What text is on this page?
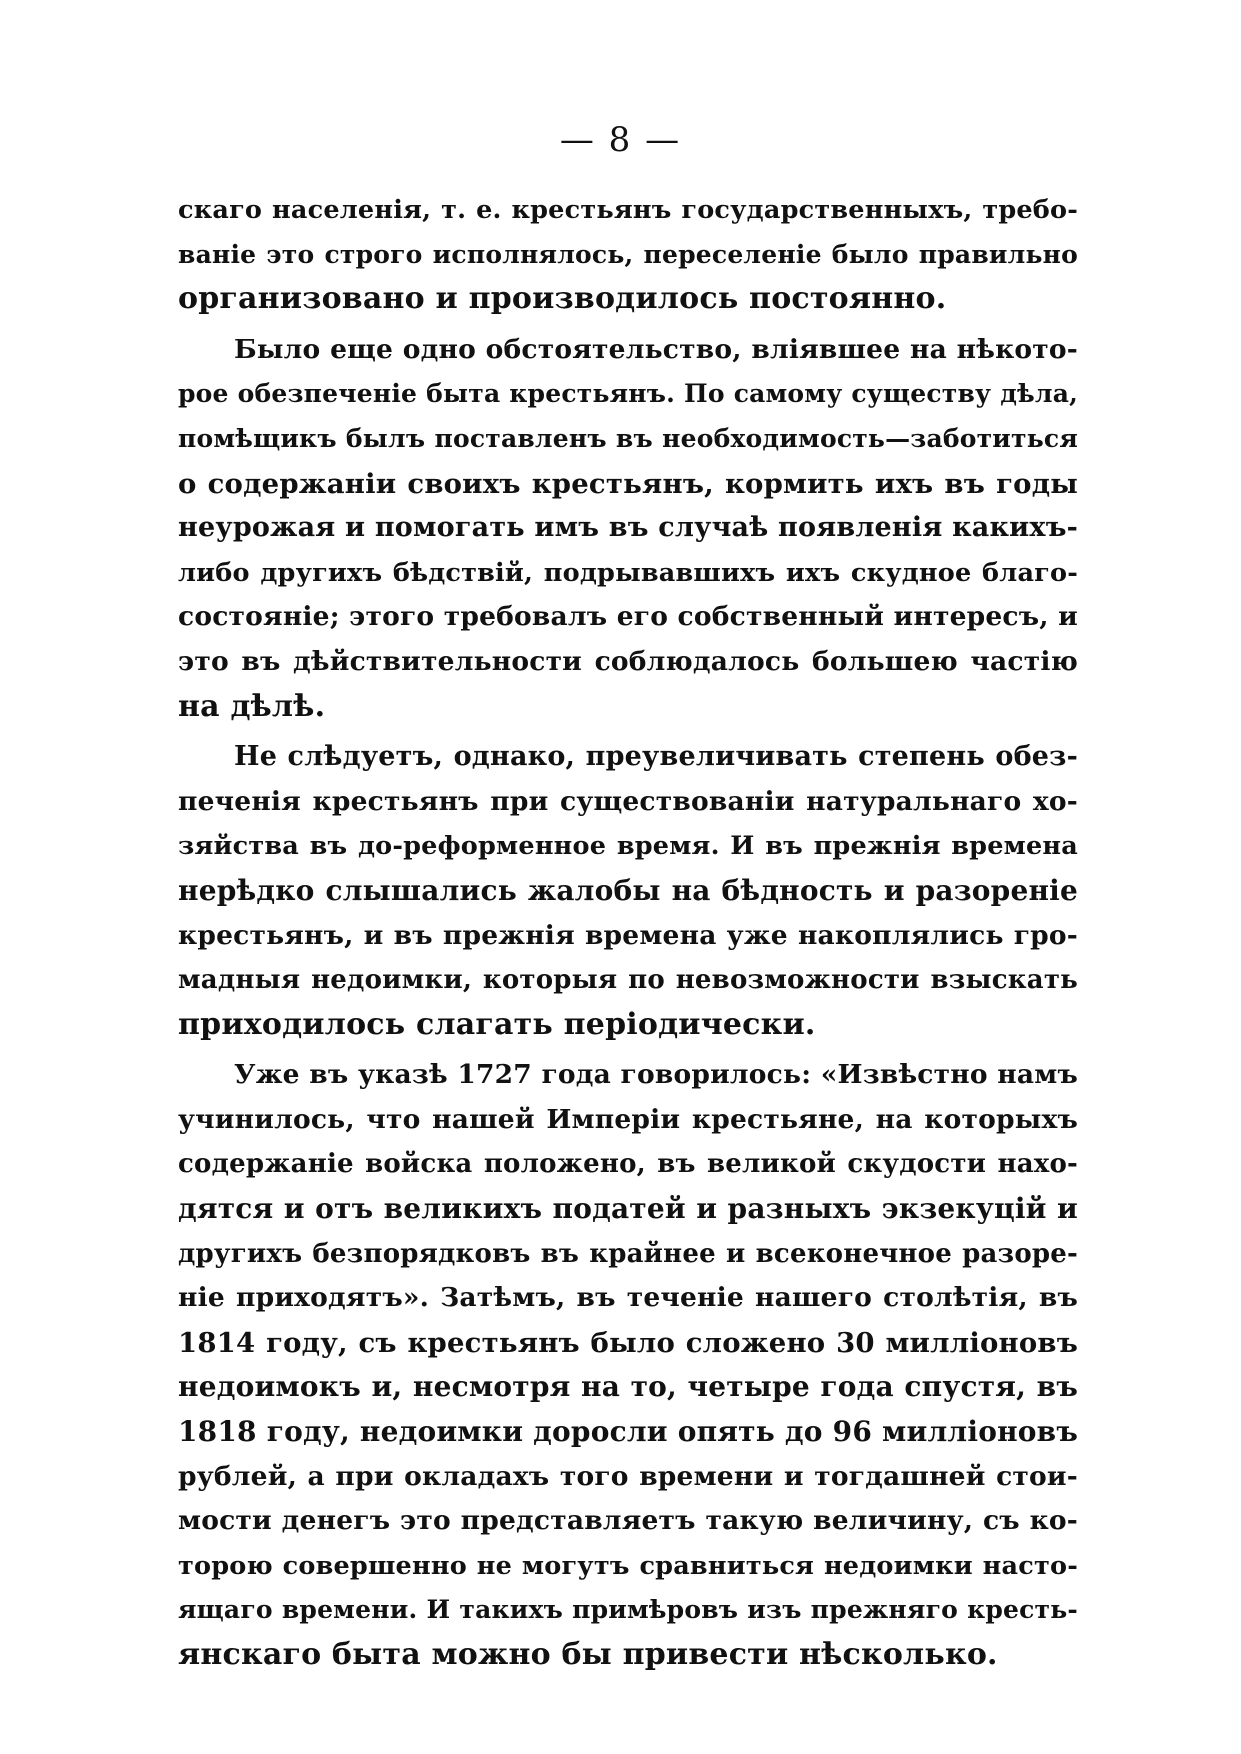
— 8 —
скаго населенія, т. е. крестьянъ государственныхъ, требо-
ваніе это строго исполнялось, переселеніе было правильно
организовано и производилось постоянно.
Было еще одно обстоятельство, вліявшее на нѣкото-
рое обезпеченіе быта крестьянъ. По самому существу дѣла,
помѣщикъ былъ поставленъ въ необходимость—заботиться
о содержаніи своихъ крестьянъ, кормить ихъ въ годы
неурожая и помогать имъ въ случаѣ появленія какихъ-
либо другихъ бѣдствій, подрывавшихъ ихъ скудное благо-
состояніе; этого требовалъ его собственный интересъ, и
это въ дѣйствительности соблюдалось большею частію
на дѣлѣ.
Не слѣдуетъ, однако, преувеличивать степень обез-
печенія крестьянъ при существованіи натуральнаго хо-
зяйства въ до-реформенное время. И въ прежнія времена
нерѣдко слышались жалобы на бѣдность и разореніе
крестьянъ, и въ прежнія времена уже накоплялись гро-
мадныя недоимки, которыя по невозможности взыскать
приходилось слагать періодически.
Уже въ указѣ 1727 года говорилось: «Извѣстно намъ
учинилось, что нашей Имперіи крестьяне, на которыхъ
содержаніе войска положено, въ великой скудости нахо-
дятся и отъ великихъ податей и разныхъ экзекуцій и
другихъ безпорядковъ въ крайнее и всеконечное разоре-
ніе приходятъ». Затѣмъ, въ теченіе нашего столѣтія, въ
1814 году, съ крестьянъ было сложено 30 милліоновъ
недоимокъ и, несмотря на то, четыре года спустя, въ
1818 году, недоимки доросли опять до 96 милліоновъ
рублей, а при окладахъ того времени и тогдашней стои-
мости денегъ это представляетъ такую величину, съ ко-
торою совершенно не могутъ сравниться недоимки насто-
ящаго времени. И такихъ примѣровъ изъ прежняго кресть-
янскаго быта можно бы привести нѣсколько.
